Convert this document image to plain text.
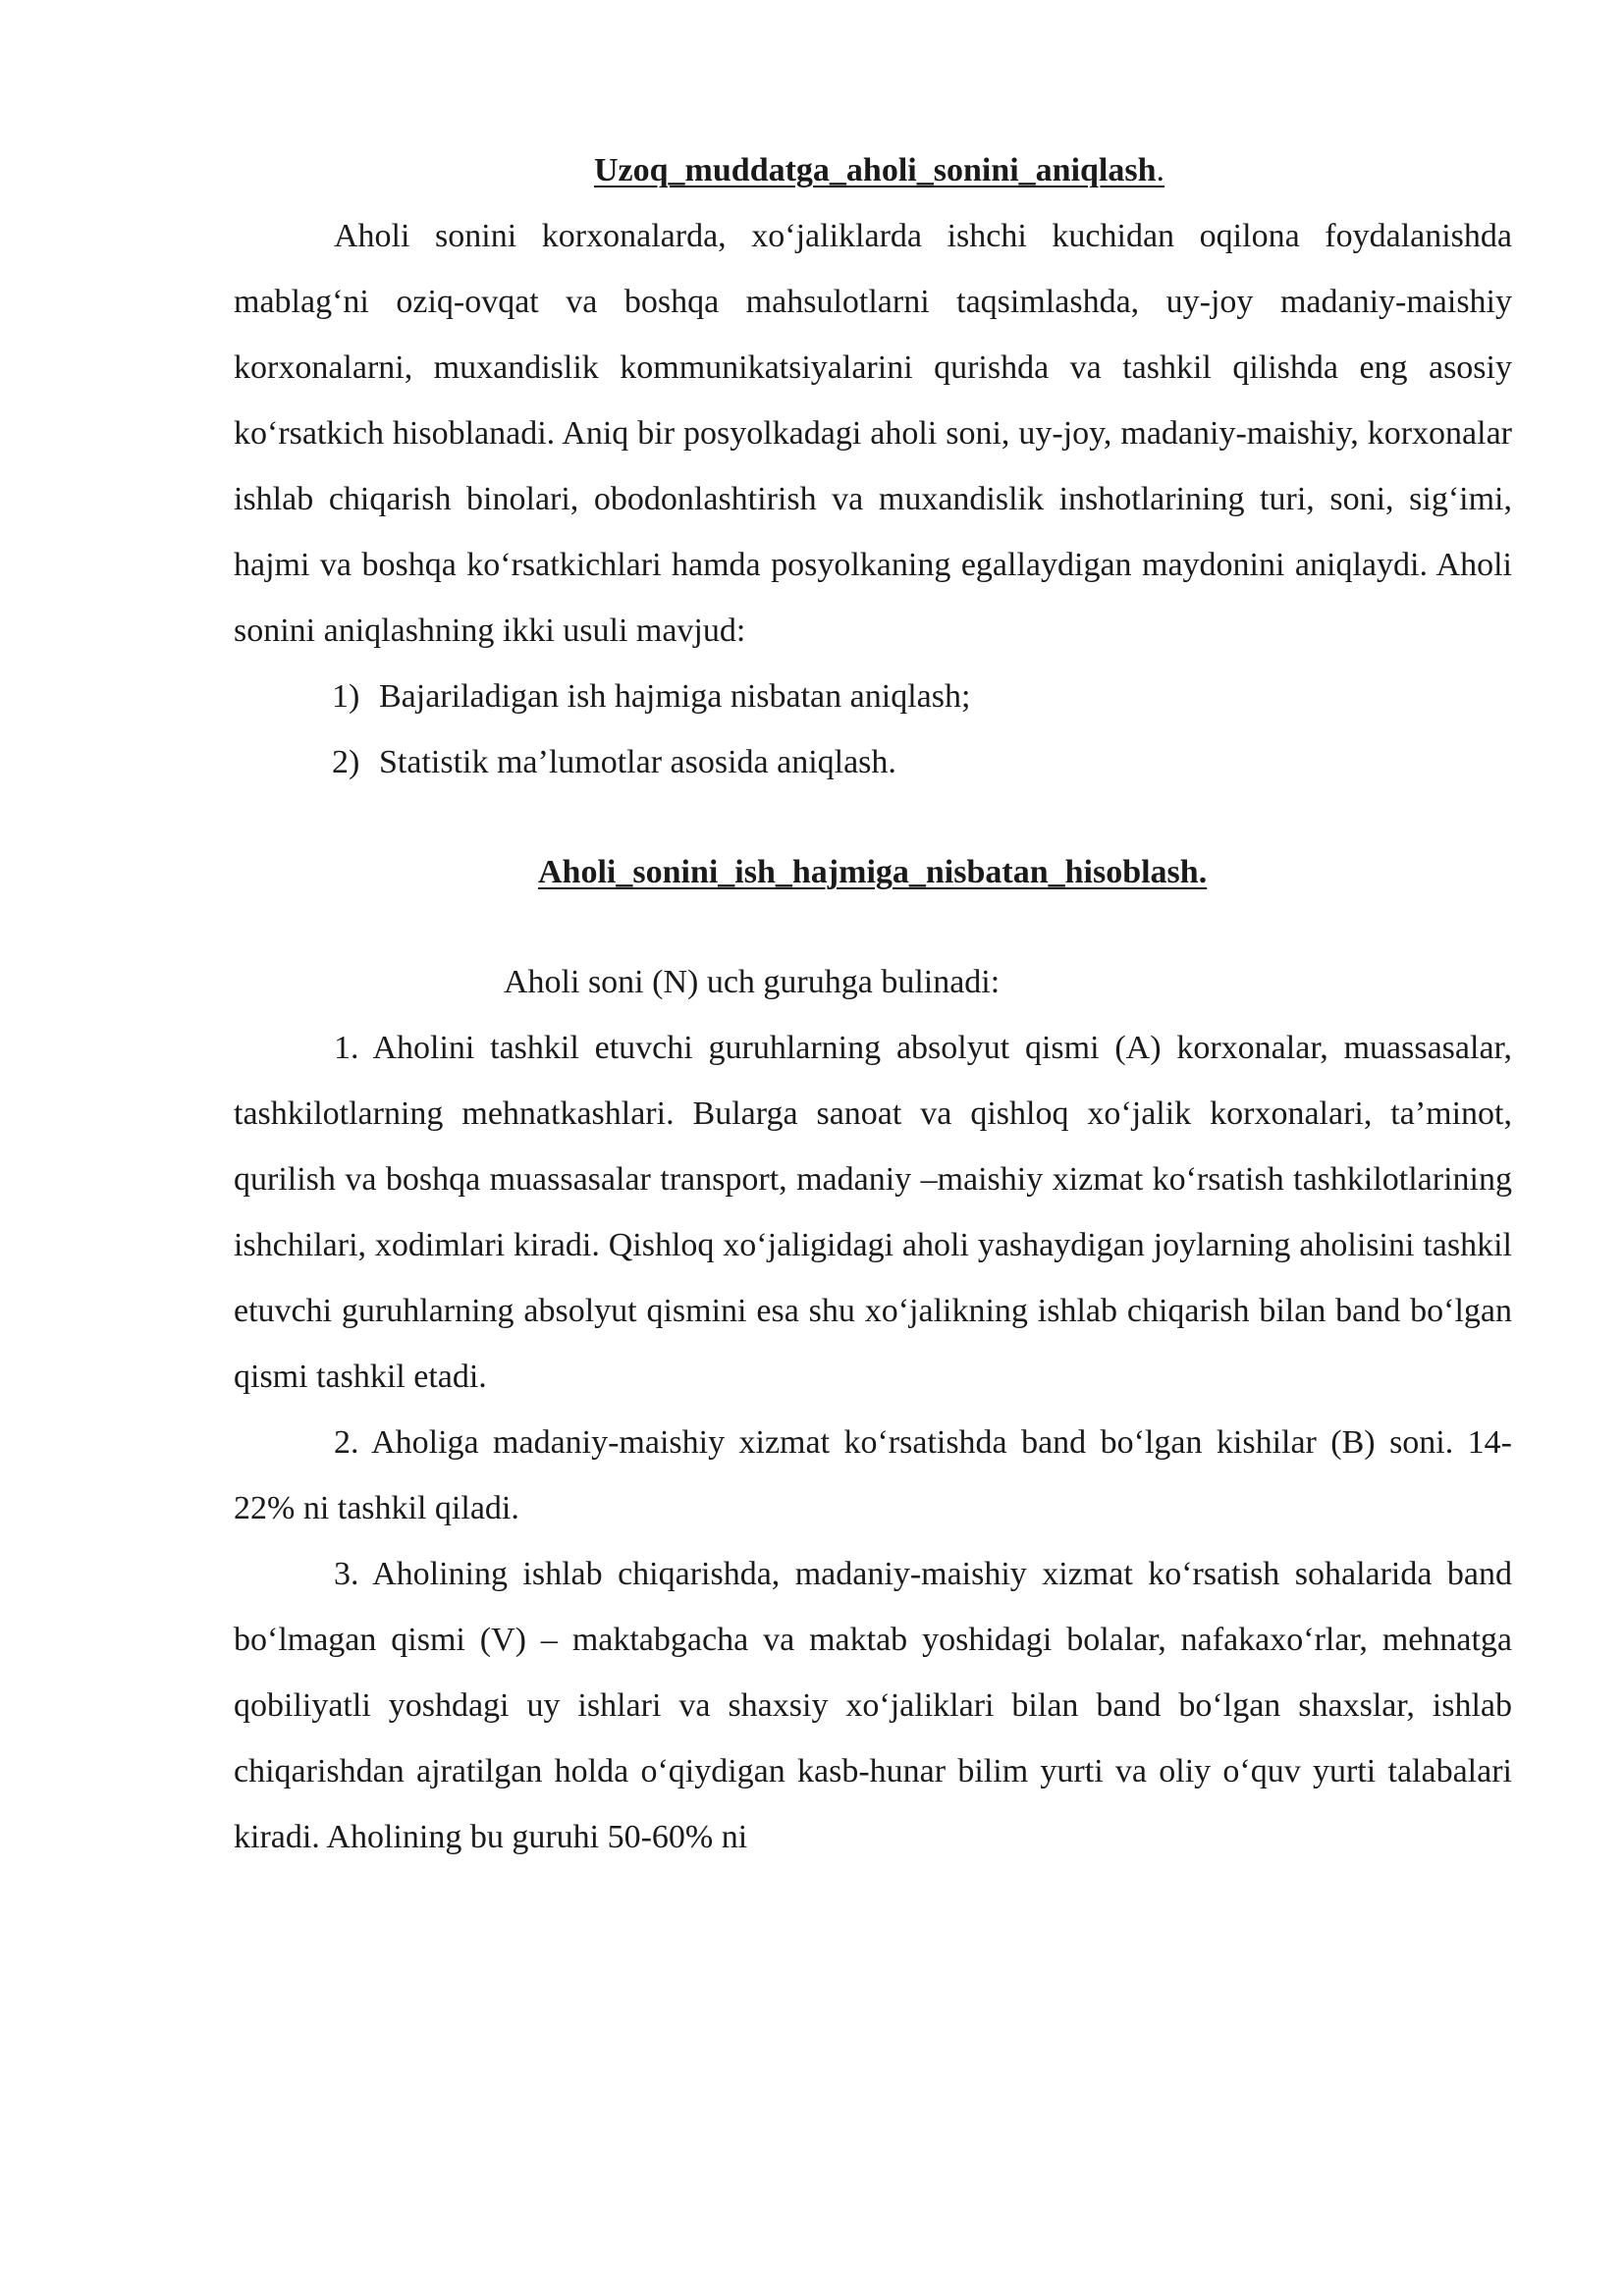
Uzoq_muddatga_aholi_sonini_aniqlash.

Aholi sonini korxonalarda, xo‘jaliklarda ishchi kuchidan oqilona foydalanishda mablag‘ni oziq-ovqat va boshqa mahsulotlarni taqsimlashda, uy-joy madaniy-maishiy korxonalarni, muxandislik kommunikatsiyalarini qurishda va tashkil qilishda eng asosiy ko‘rsatkich hisoblanadi. Aniq bir posyolkadagi aholi soni, uy-joy, madaniy-maishiy, korxonalar ishlab chiqarish binolari, obodonlashtirish va muxandislik inshotlarining turi, soni, sig‘imi, hajmi va boshqa ko‘rsatkichlari hamda posyolkaning egallaydigan maydonini aniqlaydi. Aholi sonini aniqlashning ikki usuli mavjud:

1) Bajariladigan ish hajmiga nisbatan aniqlash;
2) Statistik ma’lumotlar asosida aniqlash.
Aholi_sonini_ish_hajmiga_nisbatan_hisoblash.
Aholi soni (N) uch guruhga bulinadi:

1. Aholini tashkil etuvchi guruhlarning absolyut qismi (A) korxonalar, muassasalar, tashkilotlarning mehnatkashlari. Bularga sanoat va qishloq xo‘jalik korxonalari, ta’minot, qurilish va boshqa muassasalar transport, madaniy –maishiy xizmat ko‘rsatish tashkilotlarining ishchilari, xodimlari kiradi. Qishloq xo‘jaligidagi aholi yashaydigan joylarning aholisini tashkil etuvchi guruhlarning absolyut qismini esa shu xo‘jalikning ishlab chiqarish bilan band bo‘lgan qismi tashkil etadi.

2. Aholiga madaniy-maishiy xizmat ko‘rsatishda band bo‘lgan kishilar (B) soni. 14-22% ni tashkil qiladi.

3. Aholining ishlab chiqarishda, madaniy-maishiy xizmat ko‘rsatish sohalarida band bo‘lmagan qismi (V) – maktabgacha va maktab yoshidagi bolalar, nafakaxo‘rlar, mehnatga qobiliyatli yoshdagi uy ishlari va shaxsiy xo‘jaliklari bilan band bo‘lgan shaxslar, ishlab chiqarishdan ajratilgan holda o‘qiydigan kasb-hunar bilim yurti va oliy o‘quv yurti talabalari kiradi. Aholining bu guruhi 50-60% ni
